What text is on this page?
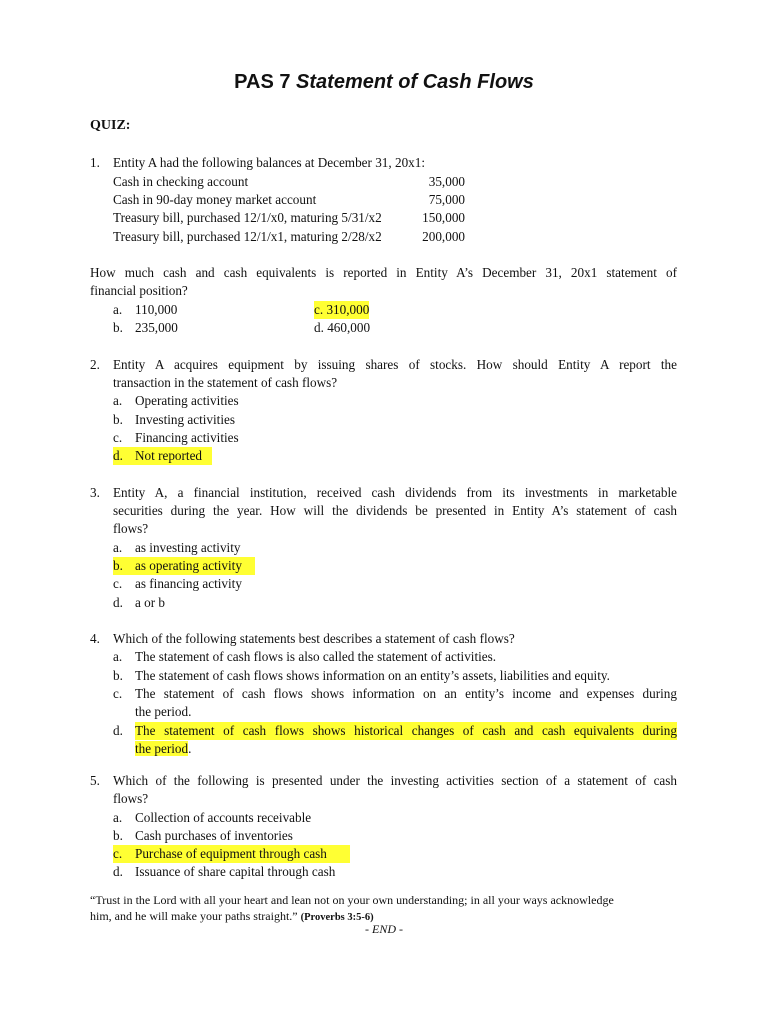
PAS 7 Statement of Cash Flows
QUIZ:
1. Entity A had the following balances at December 31, 20x1:
Cash in checking account	35,000
Cash in 90-day money market account	75,000
Treasury bill, purchased 12/1/x0, maturing 5/31/x2	150,000
Treasury bill, purchased 12/1/x1, maturing 2/28/x2	200,000
How much cash and cash equivalents is reported in Entity A’s December 31, 20x1 statement of
financial position?
a. 110,000
b. 235,000
c. 310,000
d. 460,000
2. Entity A acquires equipment by issuing shares of stocks. How should Entity A report the
transaction in the statement of cash flows?
a. Operating activities
b. Investing activities
c. Financing activities
d. Not reported
3. Entity A, a financial institution, received cash dividends from its investments in marketable
securities during the year. How will the dividends be presented in Entity A’s statement of cash
flows?
a. as investing activity
b. as operating activity
c. as financing activity
d. a or b
4. Which of the following statements best describes a statement of cash flows?
a. The statement of cash flows is also called the statement of activities.
b. The statement of cash flows shows information on an entity’s assets, liabilities and equity.
c. The statement of cash flows shows information on an entity’s income and expenses during
the period.
d. The statement of cash flows shows historical changes of cash and cash equivalents during
the period.
5. Which of the following is presented under the investing activities section of a statement of cash
flows?
a. Collection of accounts receivable
b. Cash purchases of inventories
c. Purchase of equipment through cash
d. Issuance of share capital through cash
“Trust in the Lord with all your heart and lean not on your own understanding; in all your ways acknowledge
him, and he will make your paths straight.” (Proverbs 3:5-6)
- END -
